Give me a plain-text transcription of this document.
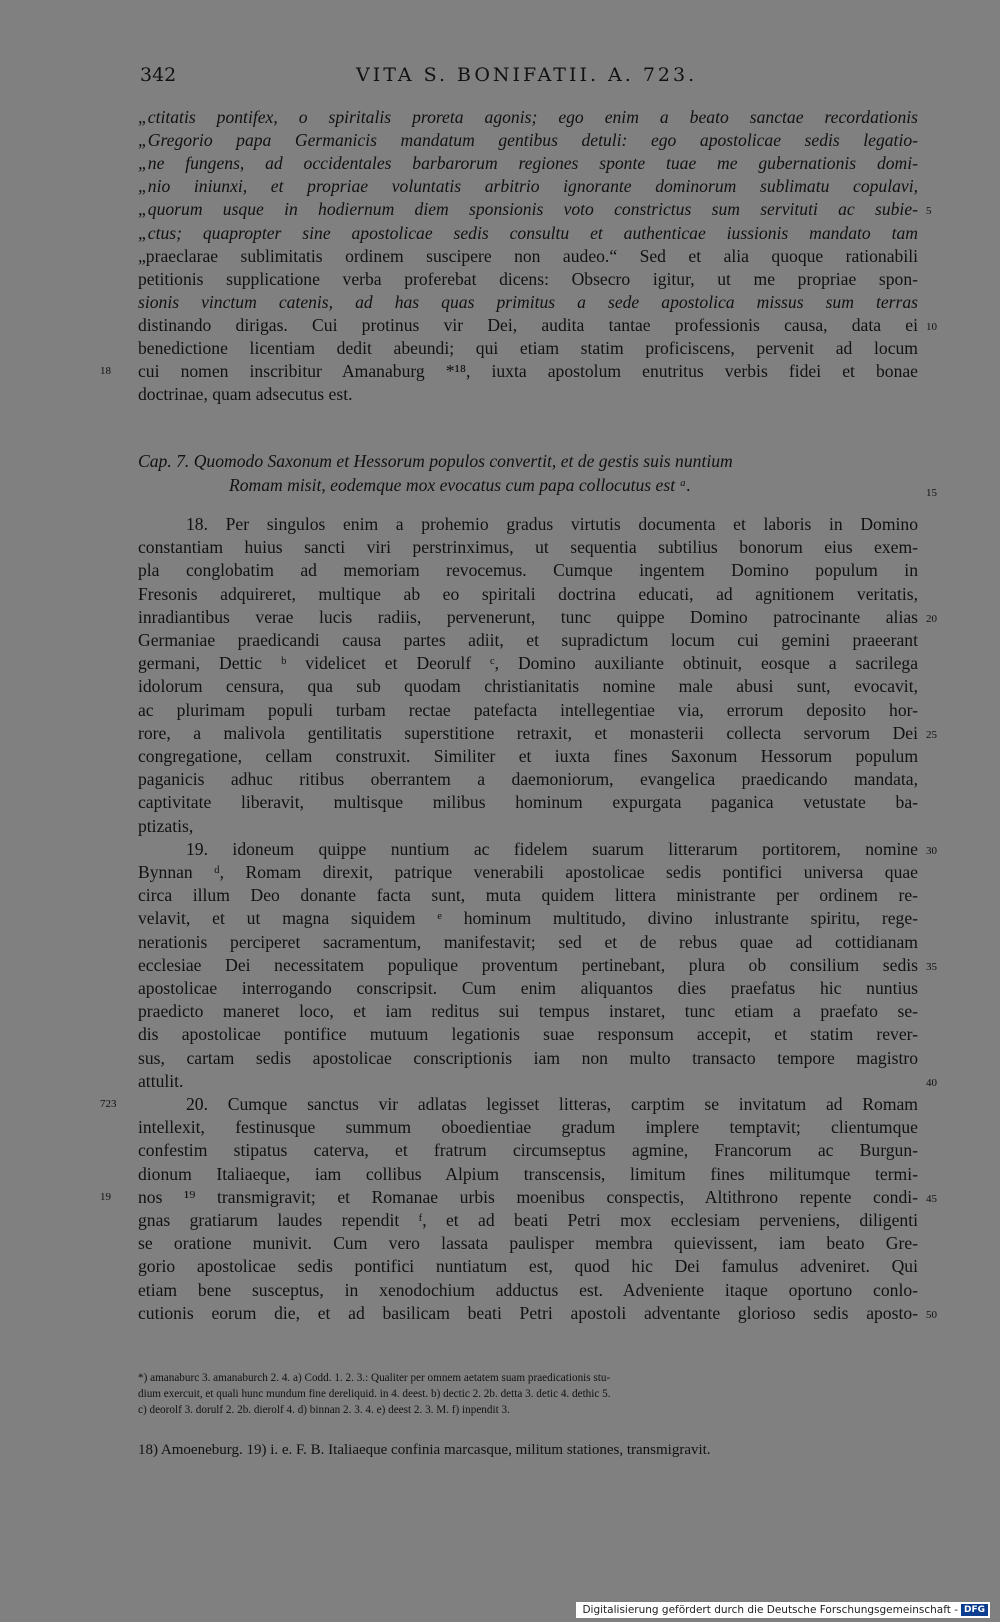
342	VITA S. BONIFATII. A. 723.
„ctitatis pontifex, o spiritalis proreta agonis; ego enim a beato sanctae recordationis
„Gregorio papa Germanicis mandatum gentibus detuli: ego apostolicae sedis legatio-
„ne fungens, ad occidentales barbarorum regiones sponte tuae me gubernationis domi-
„nio iniunxi, et propriae voluntatis arbitrio ignorante dominorum sublimatu copulavi,
„quorum usque in hodiernum diem sponsionis voto constrictus sum servituti ac subie- 5
„ctus; quapropter sine apostolicae sedis consultu et authenticae iussionis mandato tam
„praeclarae sublimitatis ordinem suscipere non audeo.“ Sed et alia quoque rationabili
petitionis supplicatione verba proferebat dicens: Obsecro igitur, ut me propriae spon-
sionis vinctum catenis, ad has quas primitus a sede apostolica missus sum terras
distinando dirigas. Cui protinus vir Dei, audita tantae professionis causa, data ei 10
benedictione licentiam dedit abeundi; qui etiam statim proficiscens, pervenit ad locum
cui nomen inscribitur Amanaburg *¹⁸, iuxta apostolum enutritus verbis fidei et bonae
18
doctrinae, quam adsecutus est.
Cap. 7. Quomodo Saxonum et Hessorum populos convertit, et de gestis suis nuntium
Romam misit, eodemque mox evocatus cum papa collocutus est ᵃ.	15
18. Per singulos enim a prohemio gradus virtutis documenta et laboris in Domino
constantiam huius sancti viri perstrinximus, ut sequentia subtilius bonorum eius exem-
pla conglobatim ad memoriam revocemus. Cumque ingentem Domino populum in
Fresonis adquireret, multique ab eo spiritali doctrina educati, ad agnitionem veritatis,
inradiantibus verae lucis radiis, pervenerunt, tunc quippe Domino patrocinante alias 20
Germaniae praedicandi causa partes adiit, et supradictum locum cui gemini praeerant
germani, Dettic ᵇ videlicet et Deorulf ᶜ, Domino auxiliante obtinuit, eosque a sacrilega
idolorum censura, qua sub quodam christianitatis nomine male abusi sunt, evocavit,
ac plurimam populi turbam rectae patefacta intellegentiae via, errorum deposito hor-
rore, a malivola gentilitatis superstitione retraxit, et monasterii collecta servorum Dei 25
congregatione, cellam construxit. Similiter et iuxta fines Saxonum Hessorum populum
paganicis adhuc ritibus oberrantem a daemoniorum, evangelica praedicando mandata,
captivitate liberavit, multisque milibus hominum expurgata paganica vetustate ba-
ptizatis,
19. idoneum quippe nuntium ac fidelem suarum litterarum portitorem, nomine 30
Bynnan ᵈ, Romam direxit, patrique venerabili apostolicae sedis pontifici universa quae
circa illum Deo donante facta sunt, muta quidem littera ministrante per ordinem re-
velavit, et ut magna siquidem ᵉ hominum multitudo, divino inlustrante spiritu, rege-
nerationis perciperet sacramentum, manifestavit; sed et de rebus quae ad cottidianam
ecclesiae Dei necessitatem populique proventum pertinebant, plura ob consilium sedis 35
apostolicae interrogando conscripsit. Cum enim aliquantos dies praefatus hic nuntius
praedicto maneret loco, et iam reditus sui tempus instaret, tunc etiam a praefato se-
dis apostolicae pontifice mutuum legationis suae responsum accepit, et statim rever-
sus, cartam sedis apostolicae conscriptionis iam non multo transacto tempore magistro
attulit.	40
20. Cumque sanctus vir adlatas legisset litteras, carptim se invitatum ad Romam
723
intellexit, festinusque summum oboedientiae gradum implere temptavit; clientumque
confestim stipatus caterva, et fratrum circumseptus agmine, Francorum ac Burgun-
dionum Italiaeque, iam collibus Alpium transcensis, limitum fines militumque termi-
nos ¹⁹ transmigravit; et Romanae urbis moenibus conspectis, Altithrono repente condi- 45
19
gnas gratiarum laudes rependit ᶠ, et ad beati Petri mox ecclesiam perveniens, diligenti
se oratione munivit. Cum vero lassata paulisper membra quievissent, iam beato Gre-
gorio apostolicae sedis pontifici nuntiatum est, quod hic Dei famulus adveniret. Qui
etiam bene susceptus, in xenodochium adductus est. Adveniente itaque oportuno conlo-
cutionis eorum die, et ad basilicam beati Petri apostoli adventante glorioso sedis aposto- 50
*) amanaburc 3. amanaburch 2. 4. a) Codd. 1. 2. 3.: Qualiter per omnem aetatem suam praedicationis stu-
dium exercuit, et quali hunc mundum fine dereliquid. in 4. deest. b) dectic 2. 2b. detta 3. detic 4. dethic 5.
c) deorolf 3. dorulf 2. 2b. dierolf 4. d) binnan 2. 3. 4. e) deest 2. 3. M. f) inpendit 3.
18) Amoeneburg. 19) i. e. F. B. Italiaeque confinia marcasque, militum stationes, transmigravit.
Digitalisierung gefördert durch die Deutsche Forschungsgemeinschaft - DFG
